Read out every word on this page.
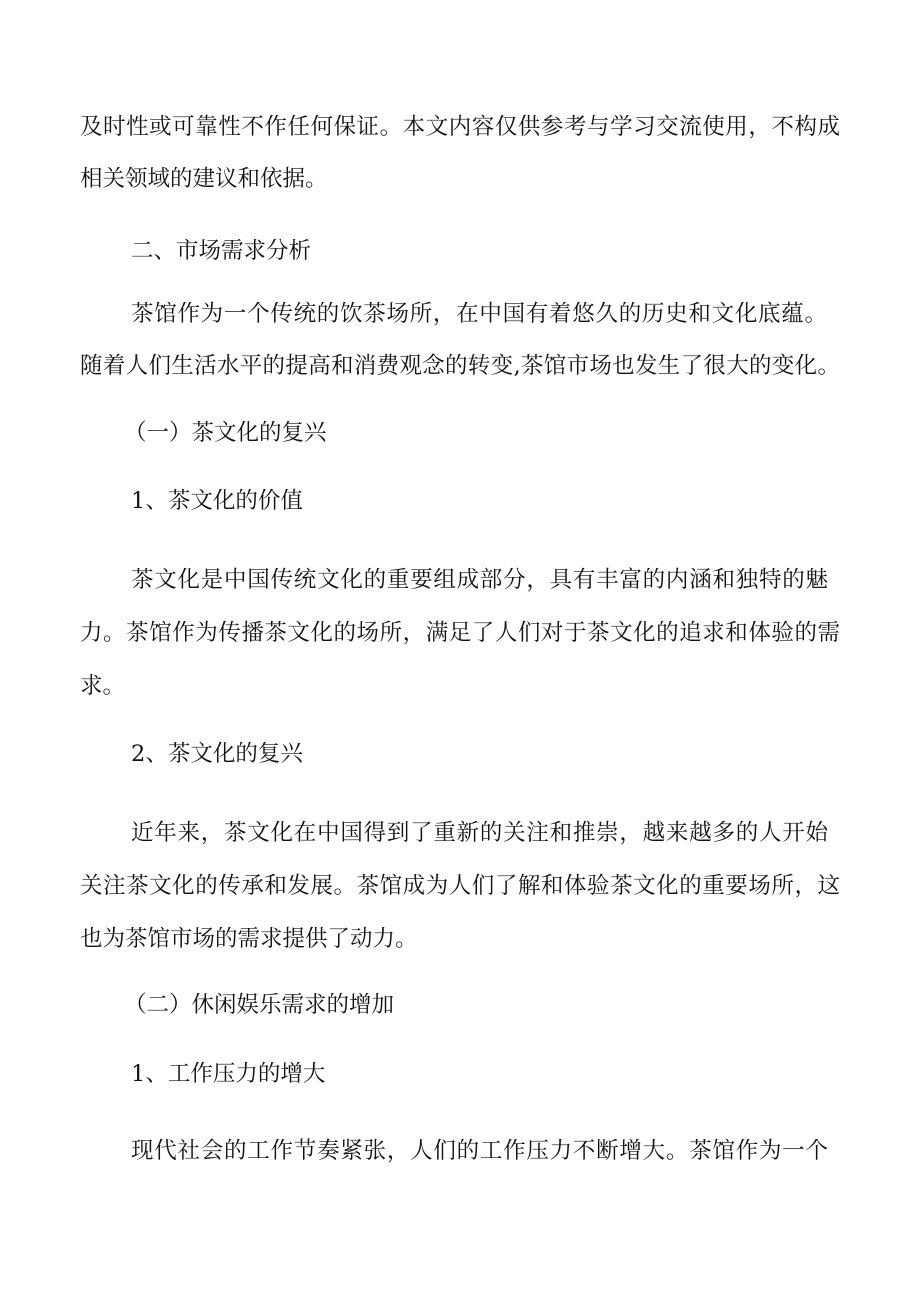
及时性或可靠性不作任何保证。本文内容仅供参考与学习交流使用，不构成
相关领域的建议和依据。
二、市场需求分析
茶馆作为一个传统的饮茶场所，在中国有着悠久的历史和文化底蕴。
随着人们生活水平的提高和消费观念的转变,茶馆市场也发生了很大的变化。
（一）茶文化的复兴
1、茶文化的价值
茶文化是中国传统文化的重要组成部分，具有丰富的内涵和独特的魅
力。茶馆作为传播茶文化的场所，满足了人们对于茶文化的追求和体验的需
求。
2、茶文化的复兴
近年来，茶文化在中国得到了重新的关注和推崇，越来越多的人开始
关注茶文化的传承和发展。茶馆成为人们了解和体验茶文化的重要场所，这
也为茶馆市场的需求提供了动力。
（二）休闲娱乐需求的增加
1、工作压力的增大
现代社会的工作节奏紧张，人们的工作压力不断增大。茶馆作为一个
